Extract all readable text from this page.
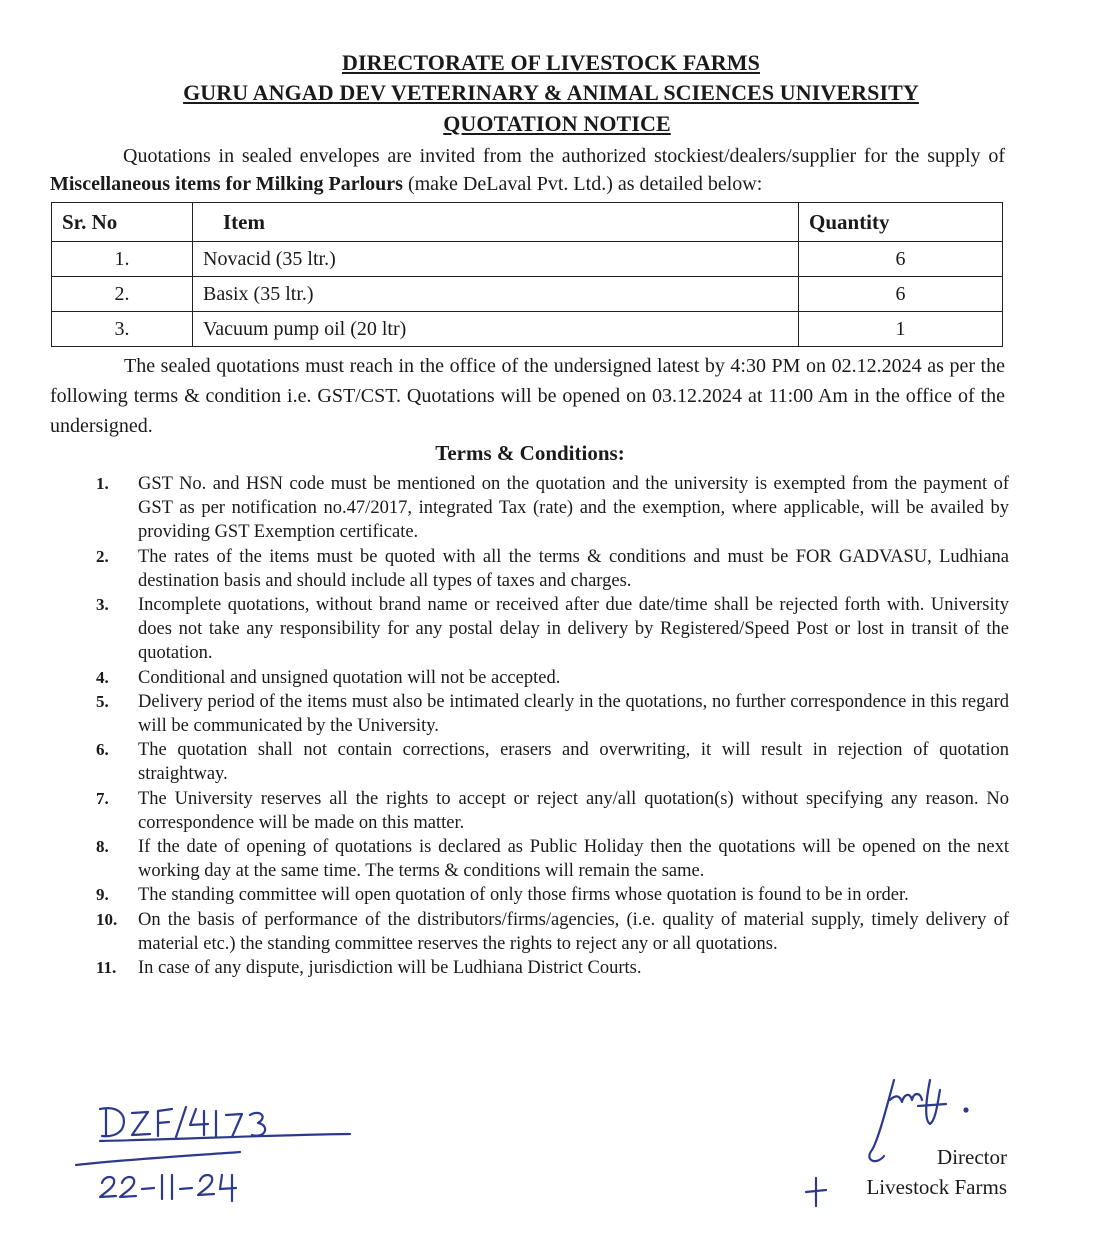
DIRECTORATE OF LIVESTOCK FARMS
GURU ANGAD DEV VETERINARY & ANIMAL SCIENCES UNIVERSITY
QUOTATION NOTICE

Quotations in sealed envelopes are invited from the authorized stockiest/dealers/supplier for the supply of Miscellaneous items for Milking Parlours (make DeLaval Pvt. Ltd.) as detailed below:

Sr. No	Item	Quantity
1.	Novacid (35 ltr.)	6
2.	Basix (35 ltr.)	6
3.	Vacuum pump oil (20 ltr)	1
The sealed quotations must reach in the office of the undersigned latest by 4:30 PM on 02.12.2024 as per the following terms & condition i.e. GST/CST. Quotations will be opened on 03.12.2024 at 11:00 Am in the office of the undersigned.
Terms & Conditions:
1.	GST No. and HSN code must be mentioned on the quotation and the university is exempted from the payment of GST as per notification no.47/2017, integrated Tax (rate) and the exemption, where applicable, will be availed by providing GST Exemption certificate.
2.	The rates of the items must be quoted with all the terms & conditions and must be FOR GADVASU, Ludhiana destination basis and should include all types of taxes and charges.
3.	Incomplete quotations, without brand name or received after due date/time shall be rejected forth with. University does not take any responsibility for any postal delay in delivery by Registered/Speed Post or lost in transit of the quotation.
4.	Conditional and unsigned quotation will not be accepted.
5.	Delivery period of the items must also be intimated clearly in the quotations, no further correspondence in this regard will be communicated by the University.
6.	The quotation shall not contain corrections, erasers and overwriting, it will result in rejection of quotation straightway.
7.	The University reserves all the rights to accept or reject any/all quotation(s) without specifying any reason. No correspondence will be made on this matter.
8.	If the date of opening of quotations is declared as Public Holiday then the quotations will be opened on the next working day at the same time. The terms & conditions will remain the same.
9.	The standing committee will open quotation of only those firms whose quotation is found to be in order.
10.	On the basis of performance of the distributors/firms/agencies, (i.e. quality of material supply, timely delivery of material etc.) the standing committee reserves the rights to reject any or all quotations.
11.	In case of any dispute, jurisdiction will be Ludhiana District Courts.
Director
Livestock Farms
